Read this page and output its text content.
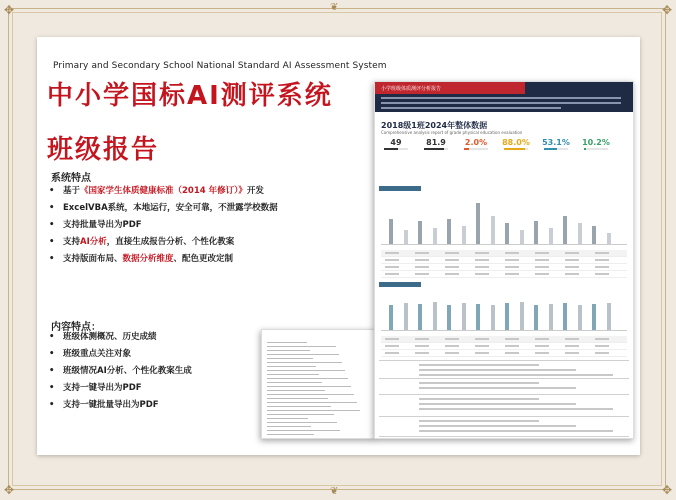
✥	✥
✥	✥
❦
❦
Primary and Secondary School National Standard AI Assessment System
中小学国标AI测评系统
班级报告
系统特点
• 基于《国家学生体质健康标准（2014 年修订）》开发
• ExcelVBA系统，本地运行，安全可靠，不泄露学校数据
• 支持批量导出为PDF
• 支持AI分析，直接生成报告分析、个性化教案
• 支持版面布局、数据分析维度、配色更改定制
内容特点：
• 班级体测概况、历史成绩
• 班级重点关注对象
• 班级情况AI分析、个性化教案生成
• 支持一键导出为PDF
• 支持一键批量导出为PDF
小学班级体质测评分析报告
2018级1班2024年整体数据
Comprehensive analysis report of grade physical education evaluation
49	81.9	2.0%	88.0% 53.1% 10.2%
